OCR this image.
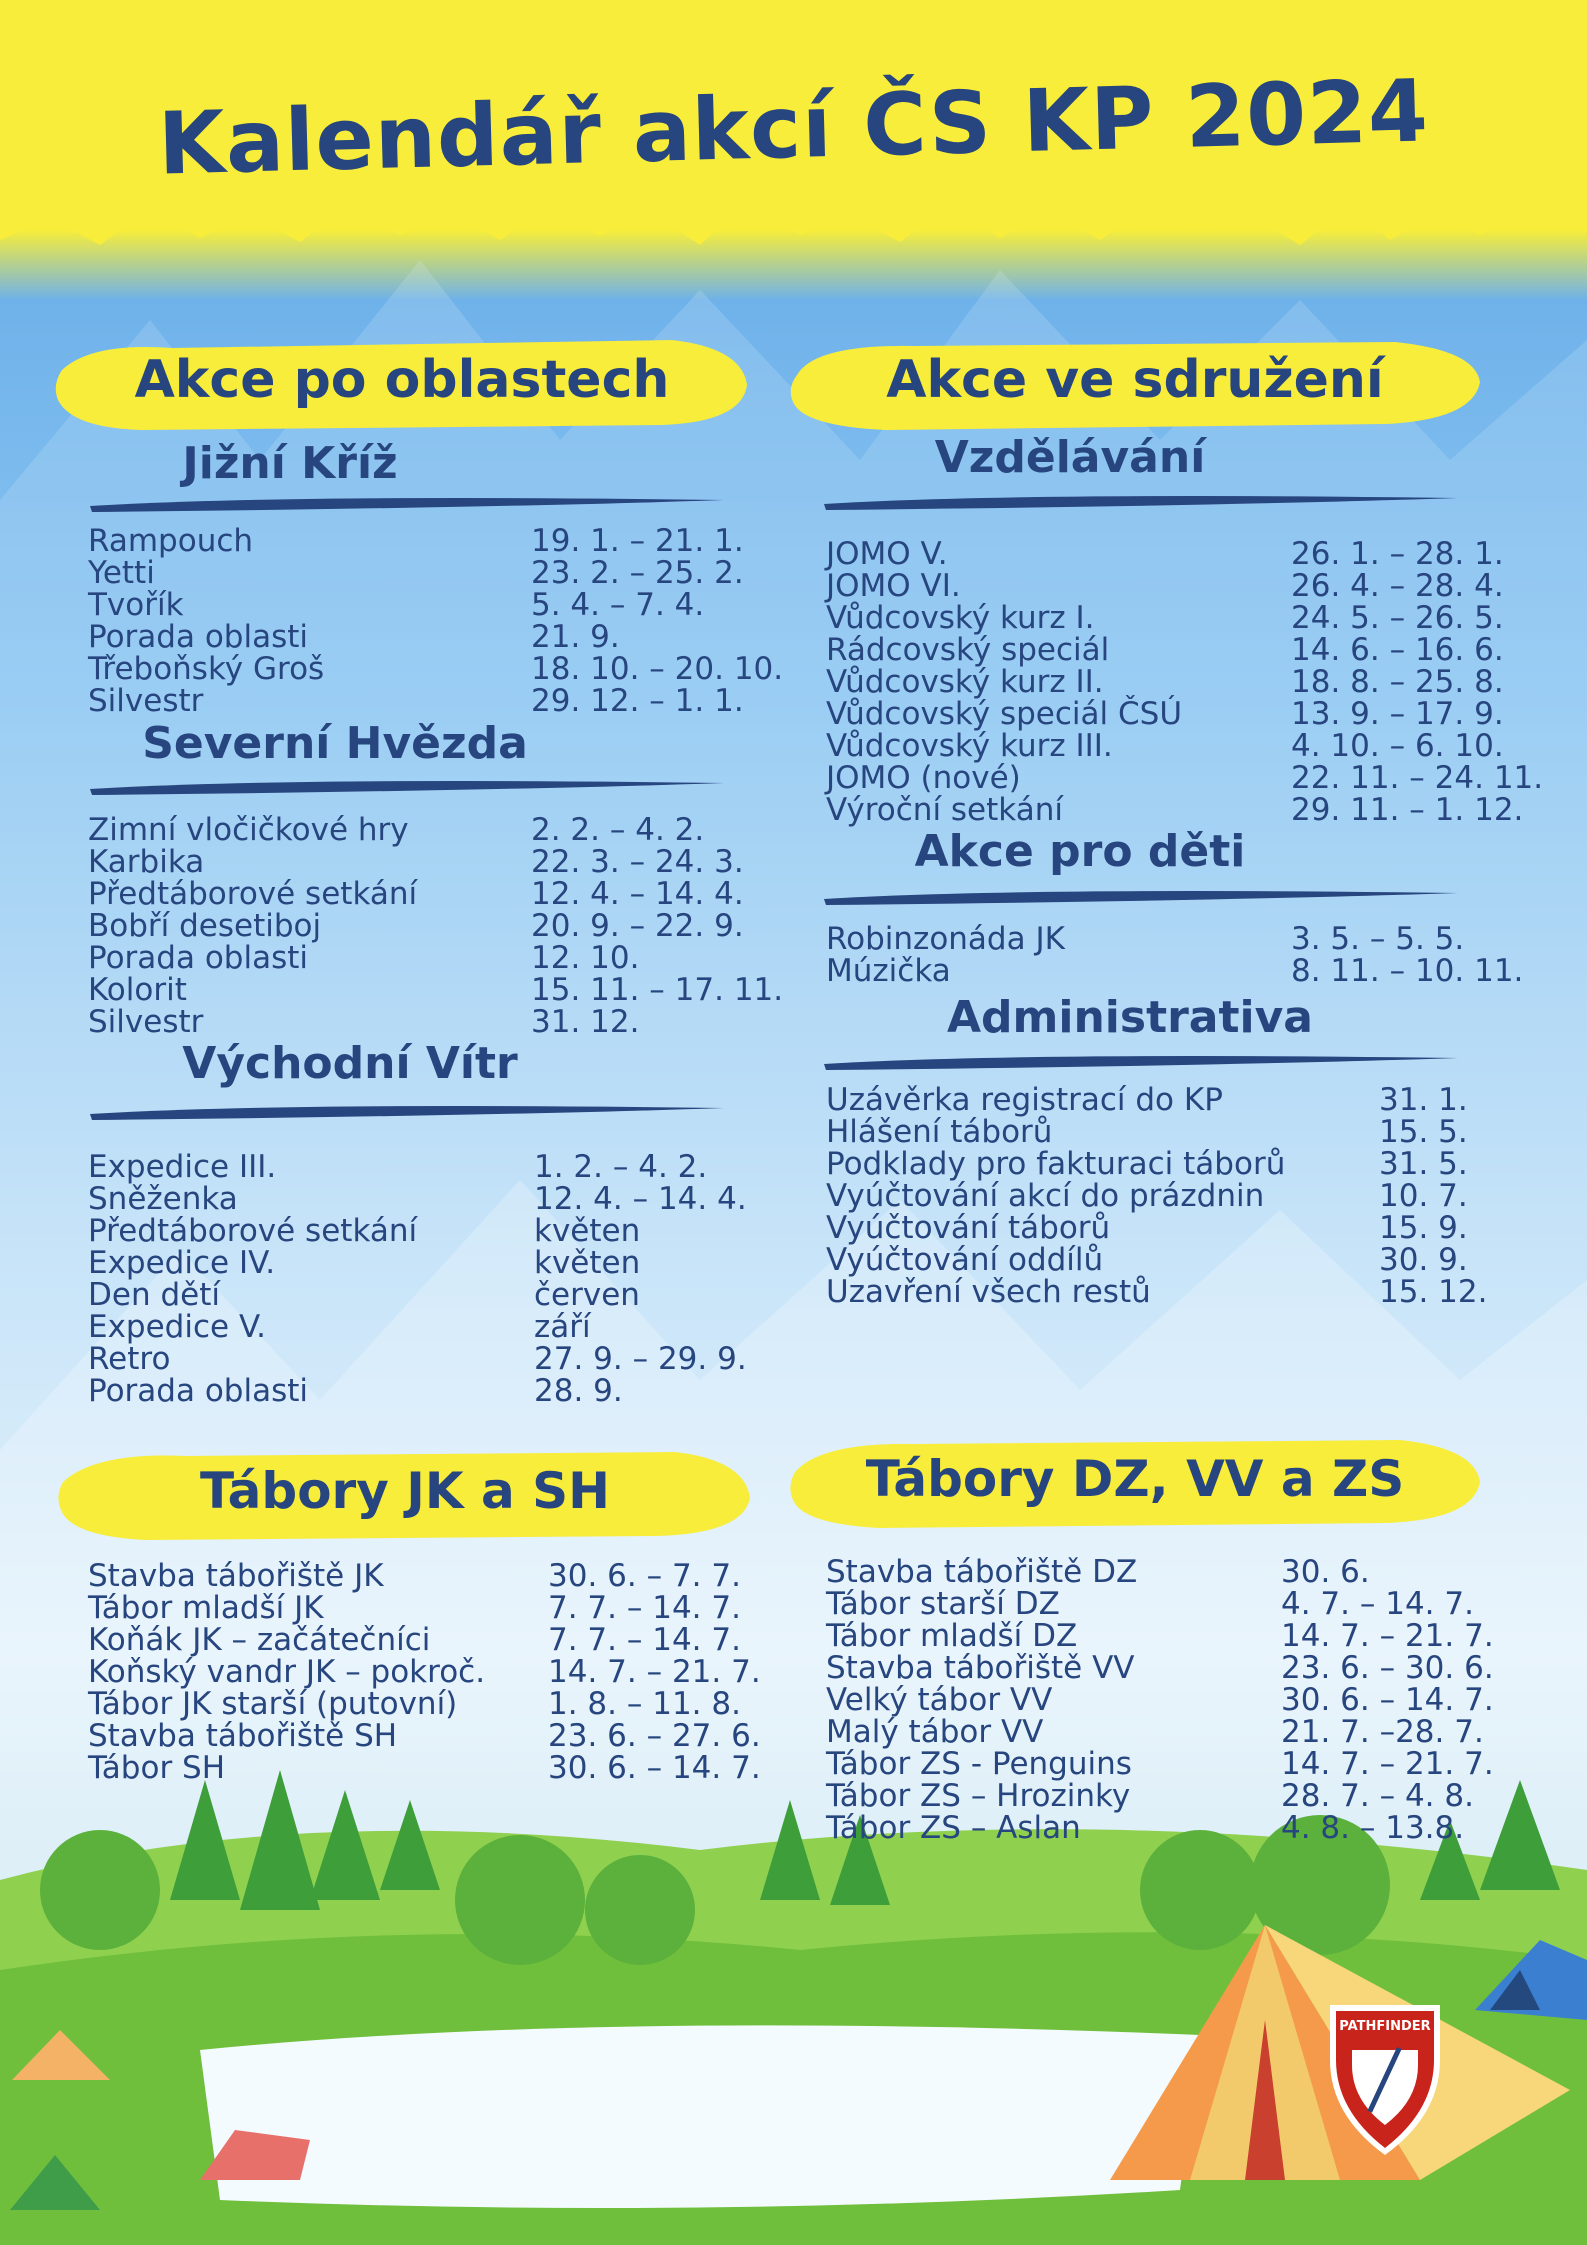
Kalendář akcí ČS KP 2024
Akce po oblastech	Akce ve sdružení
Jižní Kříž
Rampouch	19. 1. – 21. 1.
Yetti	23. 2. – 25. 2.
Tvořík	5. 4. – 7. 4.
Porada oblasti	21. 9.
Třeboňský Groš	18. 10. – 20. 10.
Silvestr	29. 12. – 1. 1.
Severní Hvězda
Zimní vločičkové hry	2. 2. – 4. 2.
Karbika	22. 3. – 24. 3.
Předtáborové setkání	12. 4. – 14. 4.
Bobří desetiboj	20. 9. – 22. 9.
Porada oblasti	12. 10.
Kolorit	15. 11. – 17. 11.
Silvestr	31. 12.
Východní Vítr
Expedice III.	1. 2. – 4. 2.
Sněženka	12. 4. – 14. 4.
Předtáborové setkání	květen
Expedice IV.	květen
Den dětí	červen
Expedice V.	září
Retro	27. 9. – 29. 9.
Porada oblasti	28. 9.
Vzdělávání
JOMO V.	26. 1. – 28. 1.
JOMO VI.	26. 4. – 28. 4.
Vůdcovský kurz I.	24. 5. – 26. 5.
Rádcovský speciál	14. 6. – 16. 6.
Vůdcovský kurz II.	18. 8. – 25. 8.
Vůdcovský speciál ČSÚ	13. 9. – 17. 9.
Vůdcovský kurz III.	4. 10. – 6. 10.
JOMO (nové)	22. 11. – 24. 11.
Výroční setkání	29. 11. – 1. 12.
Akce pro děti
Robinzonáda JK	3. 5. – 5. 5.
Múzička	8. 11. – 10. 11.
Administrativa
Uzávěrka registrací do KP	31. 1.
Hlášení táborů	15. 5.
Podklady pro fakturaci táborů	31. 5.
Vyúčtování akcí do prázdnin	10. 7.
Vyúčtování táborů	15. 9.
Vyúčtování oddílů	30. 9.
Uzavření všech restů	15. 12.
Tábory JK a SH	Tábory DZ, VV a ZS
Stavba tábořiště JK	30. 6. – 7. 7.
Tábor mladší JK	7. 7. – 14. 7.
Koňák JK – začátečníci	7. 7. – 14. 7.
Koňský vandr JK – pokroč. 14. 7. – 21. 7.
Tábor JK starší (putovní)	1. 8. – 11. 8.
Stavba tábořiště SH	23. 6. – 27. 6.
Tábor SH	30. 6. – 14. 7.
PATHFINDER
Stavba tábořiště DZ	30. 6.
Tábor starší DZ	4. 7. – 14. 7.
Tábor mladší DZ	14. 7. – 21. 7.
Stavba tábořiště VV	23. 6. – 30. 6.
Velký tábor VV	30. 6. – 14. 7.
Malý tábor VV	21. 7. –28. 7.
Tábor ZS - Penguins	14. 7. – 21. 7.
Tábor ZS – Hrozinky	28. 7. – 4. 8.
Tábor ZS – Aslan	4. 8. – 13.8.
